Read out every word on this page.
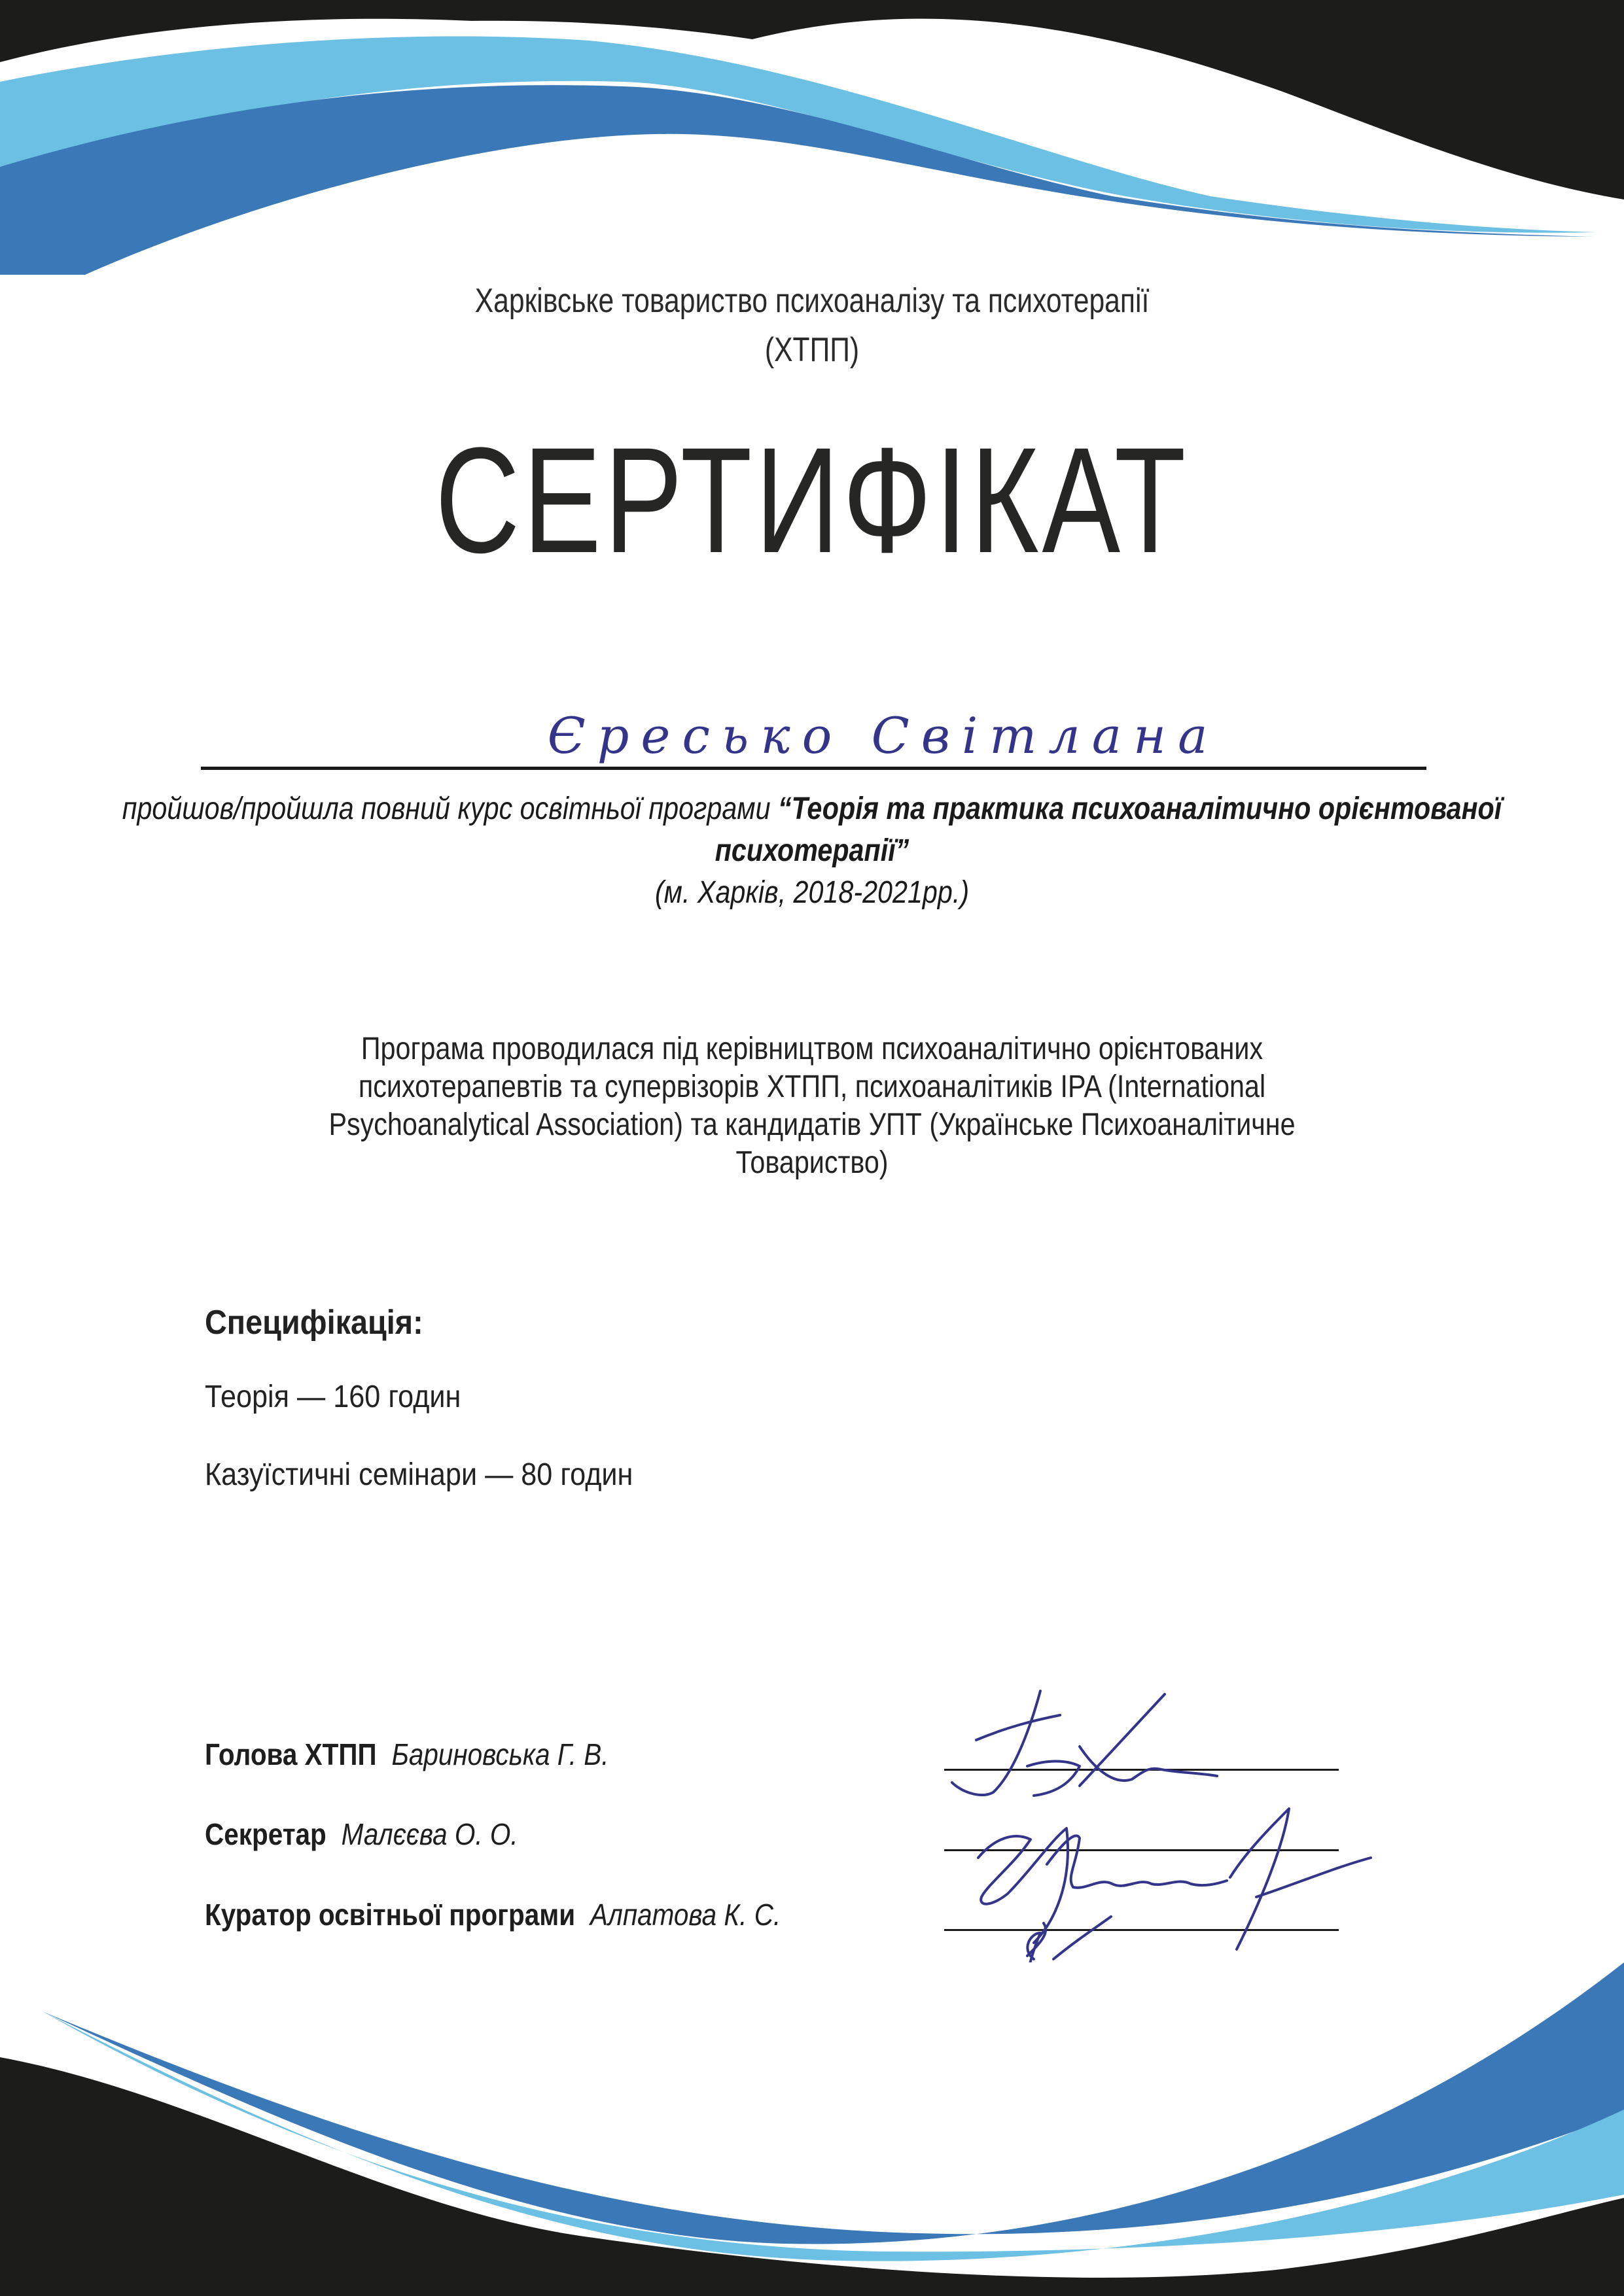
Харківське товариство психоаналізу та психотерапії
(ХТПП)
СЕРТИФІКАТ
Єресько Світлана
пройшов/пройшла повний курс освітньої програми “Теорія та практика психоаналітично орієнтованої психотерапії”
(м. Харків, 2018-2021рр.)
Програма проводилася під керівництвом психоаналітично орієнтованих психотерапевтів та супервізорів ХТПП, психоаналітиків IPA (International Psychoanalytical Association) та кандидатів УПТ (Українське Психоаналітичне Товариство)
Специфікація:
Теорія — 160 годин
Казуїстичні семінари — 80 годин
Голова ХТПП Бариновська Г. В.
Секретар Малєєва О. О.
Куратор освітньої програми Алпатова К. С.
